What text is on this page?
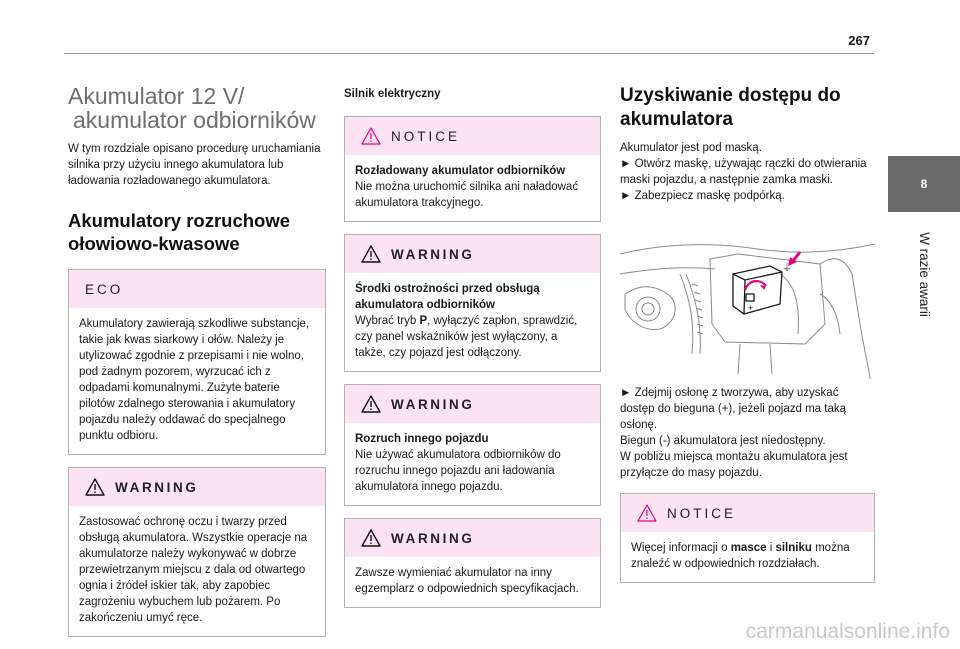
267
8
W razie awarii
Akumulator 12 V/
akumulator odbiorników

W tym rozdziale opisano procedurę uruchamiania silnika przy użyciu innego akumulatora lub ładowania rozładowanego akumulatora.

Akumulatory rozruchowe ołowiowo-kwasowe
ECO
Akumulatory zawierają szkodliwe substancje, takie jak kwas siarkowy i ołów. Należy je utylizować zgodnie z przepisami i nie wolno, pod żadnym pozorem, wyrzucać ich z odpadami komunalnymi. Zużyte baterie pilotów zdalnego sterowania i akumulatory pojazdu należy oddawać do specjalnego punktu odbioru.
WARNING
Zastosować ochronę oczu i twarzy przed obsługą akumulatora. Wszystkie operacje na akumulatorze należy wykonywać w dobrze przewietrzanym miejscu z dala od otwartego ognia i źródeł iskier tak, aby zapobiec zagrożeniu wybuchem lub pożarem. Po zakończeniu umyć ręce.
Silnik elektryczny
NOTICE
Rozładowany akumulator odbiorników
Nie można uruchomić silnika ani naładować akumulatora trakcyjnego.
WARNING
Środki ostrożności przed obsługą akumulatora odbiorników
Wybrać tryb P, wyłączyć zapłon, sprawdzić, czy panel wskaźników jest wyłączony, a także, czy pojazd jest odłączony.
WARNING
Rozruch innego pojazdu
Nie używać akumulatora odbiorników do rozruchu innego pojazdu ani ładowania akumulatora innego pojazdu.
WARNING
Zawsze wymieniać akumulator na inny egzemplarz o odpowiednich specyfikacjach.
Uzyskiwanie dostępu do akumulatora
Akumulator jest pod maską.
► Otwórz maskę, używając rączki do otwierania maski pojazdu, a następnie zamka maski.
► Zabezpiecz maskę podpórką.
+
⏚
► Zdejmij osłonę z tworzywa, aby uzyskać dostęp do bieguna (+), jeżeli pojazd ma taką osłonę.
Biegun (-) akumulatora jest niedostępny.
W pobliżu miejsca montażu akumulatora jest przyłącze do masy pojazdu.
NOTICE
Więcej informacji o masce i silniku można znaleźć w odpowiednich rozdziałach.
carmanualsonline.info
